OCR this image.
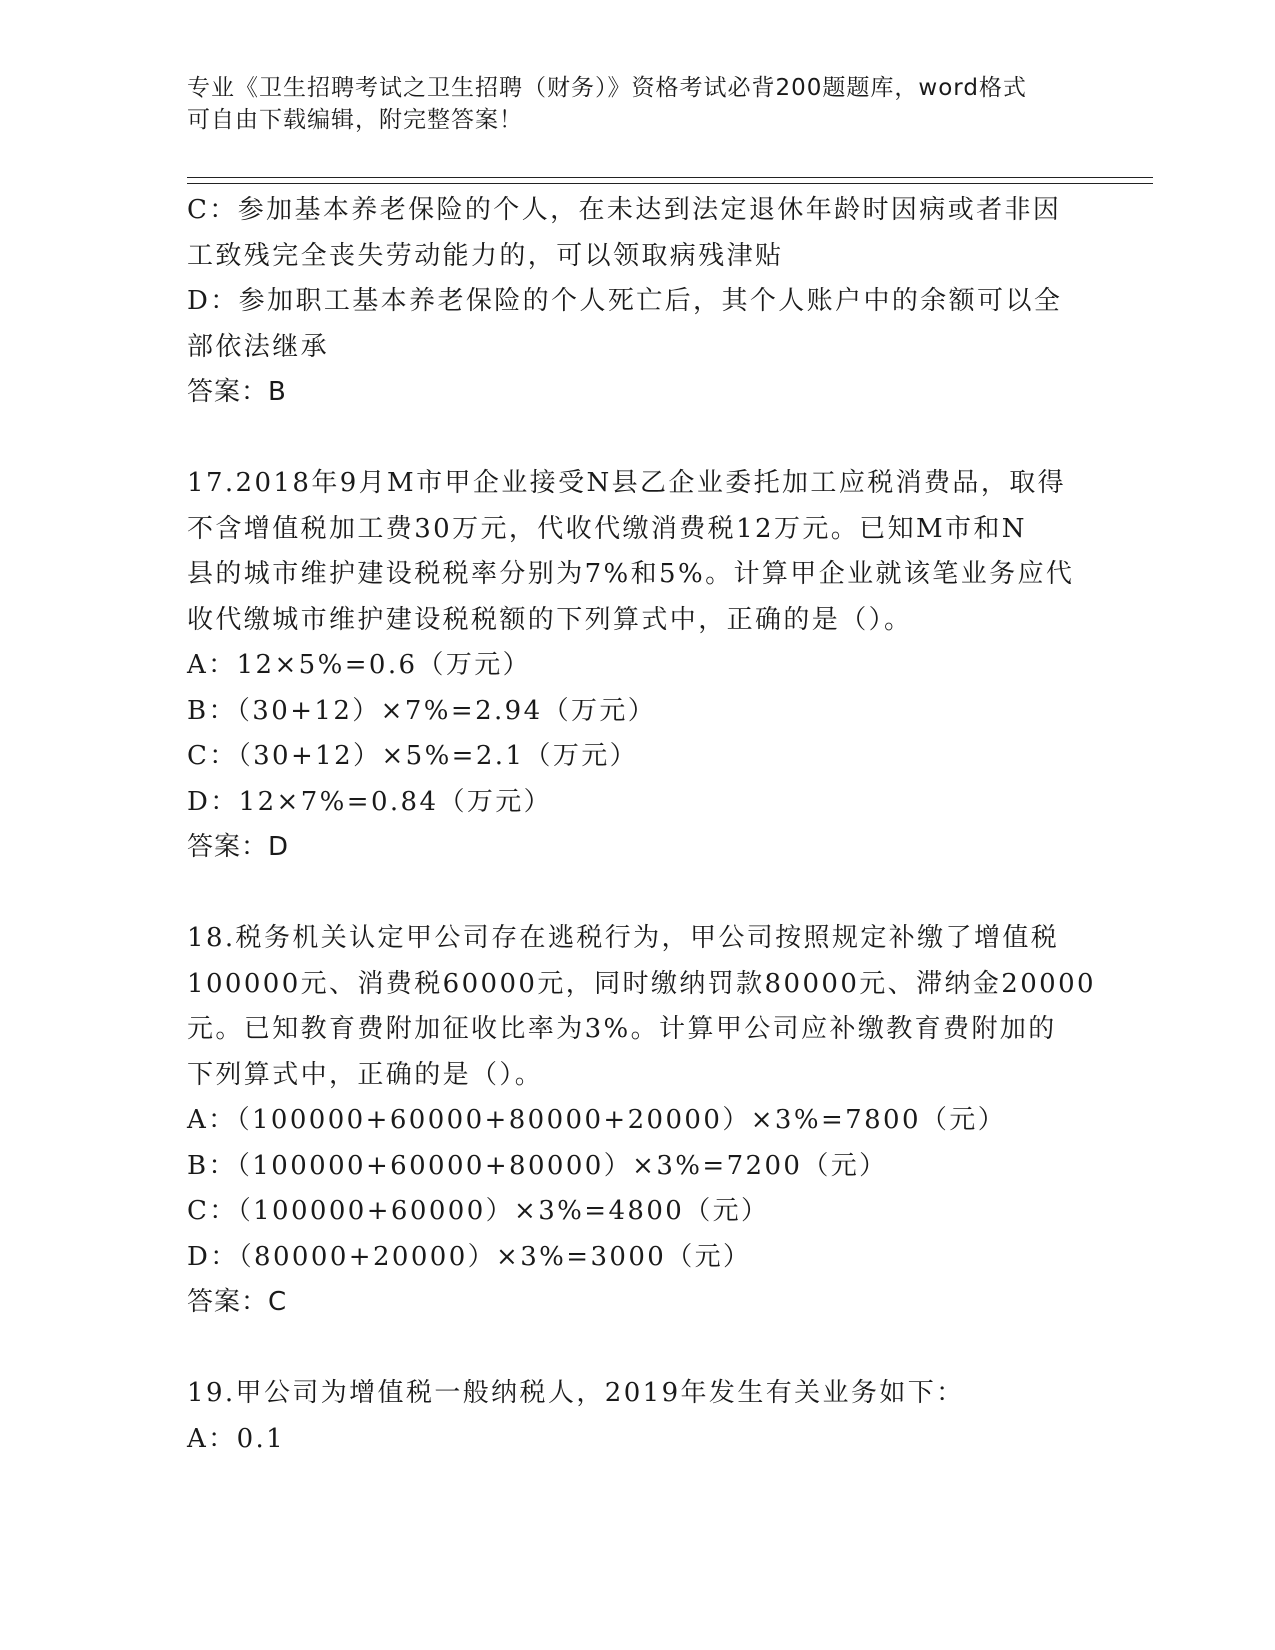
专业《卫生招聘考试之卫生招聘（财务）》资格考试必背200题题库，word格式
可自由下载编辑，附完整答案！
C：参加基本养老保险的个人，在未达到法定退休年龄时因病或者非因
工致残完全丧失劳动能力的，可以领取病残津贴
D：参加职工基本养老保险的个人死亡后，其个人账户中的余额可以全
部依法继承
答案：B
17.2018年9月M市甲企业接受N县乙企业委托加工应税消费品，取得
不含增值税加工费30万元，代收代缴消费税12万元。已知M市和N
县的城市维护建设税税率分别为7%和5%。计算甲企业就该笔业务应代
收代缴城市维护建设税税额的下列算式中，正确的是（）。
A：12×5%=0.6（万元）
B：（30+12）×7%=2.94（万元）
C：（30+12）×5%=2.1（万元）
D：12×7%=0.84（万元）
答案：D
18.税务机关认定甲公司存在逃税行为，甲公司按照规定补缴了增值税
100000元、消费税60000元，同时缴纳罚款80000元、滞纳金20000
元。已知教育费附加征收比率为3%。计算甲公司应补缴教育费附加的
下列算式中，正确的是（）。
A：（100000+60000+80000+20000）×3%=7800（元）
B：（100000+60000+80000）×3%=7200（元）
C：（100000+60000）×3%=4800（元）
D：（80000+20000）×3%=3000（元）
答案：C
19.甲公司为增值税一般纳税人，2019年发生有关业务如下：
A：0.1
